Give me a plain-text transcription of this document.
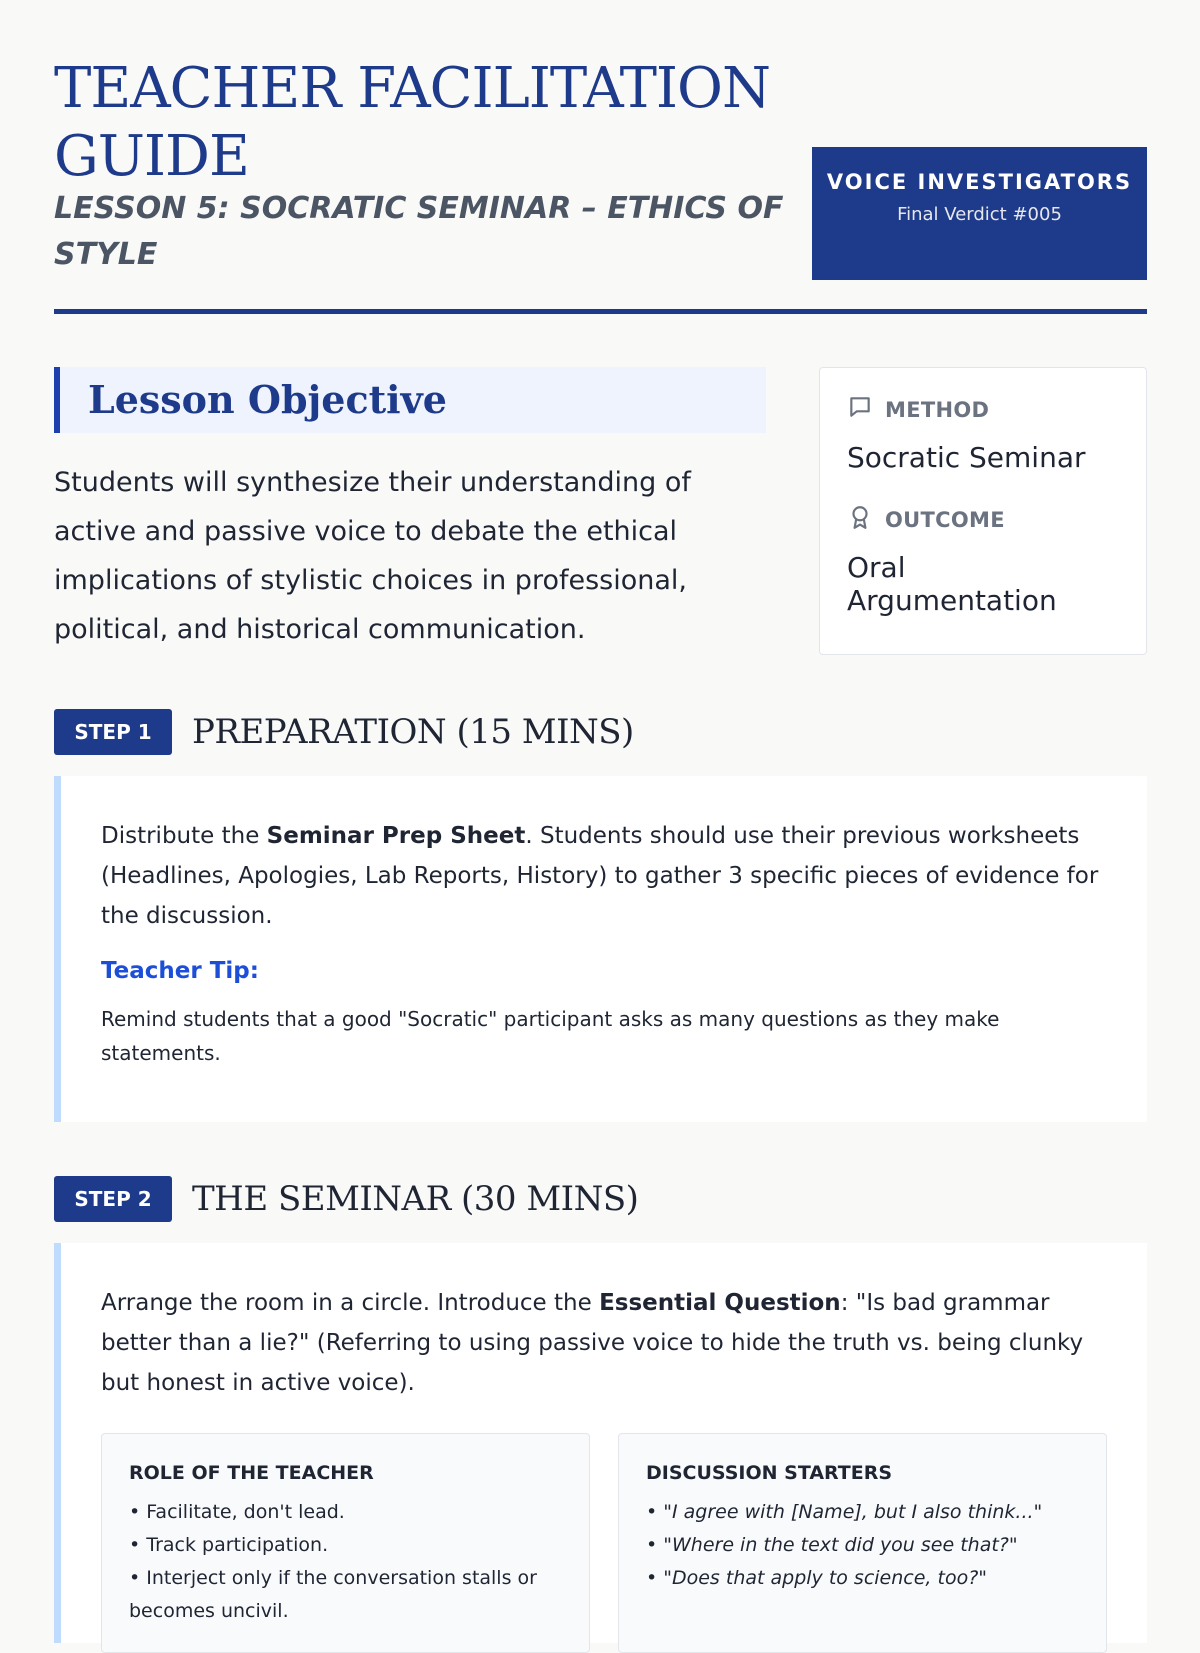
TEACHER FACILITATION GUIDE
LESSON 5: SOCRATIC SEMINAR – ETHICS OF STYLE
VOICE INVESTIGATORS
Final Verdict #005
Lesson Objective

Students will synthesize their understanding of active and passive voice to debate the ethical implications of stylistic choices in professional, political, and historical communication.

METHOD
Socratic Seminar
OUTCOME
Oral Argumentation
STEP 1	PREPARATION (15 MINS)

Distribute the Seminar Prep Sheet. Students should use their previous worksheets (Headlines, Apologies, Lab Reports, History) to gather 3 specific pieces of evidence for the discussion.

Teacher Tip:

Remind students that a good "Socratic" participant asks as many questions as they make statements.

STEP 2	THE SEMINAR (30 MINS)

Arrange the room in a circle. Introduce the Essential Question: "Is bad grammar better than a lie?" (Referring to using passive voice to hide the truth vs. being clunky but honest in active voice).

ROLE OF THE TEACHER
• Facilitate, don't lead.
• Track participation.
• Interject only if the conversation stalls or becomes uncivil.
DISCUSSION STARTERS
• "I agree with [Name], but I also think..."
• "Where in the text did you see that?"
• "Does that apply to science, too?"
